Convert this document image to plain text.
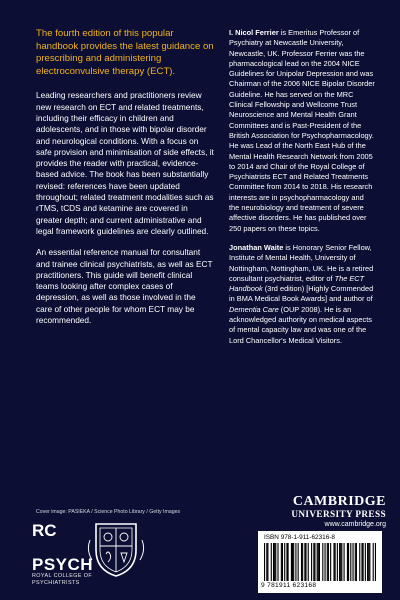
The fourth edition of this popular handbook provides the latest guidance on prescribing and administering electroconvulsive therapy (ECT).

Leading researchers and practitioners review new research on ECT and related treatments, including their efficacy in children and adolescents, and in those with bipolar disorder and neurological conditions. With a focus on safe provision and minimisation of side effects, it provides the reader with practical, evidence-based advice. The book has been substantially revised: references have been updated throughout; related treatment modalities such as rTMS, tCDS and ketamine are covered in greater depth; and current administrative and legal framework guidelines are clearly outlined.

An essential reference manual for consultant and trainee clinical psychiatrists, as well as ECT practitioners. This guide will benefit clinical teams looking after complex cases of depression, as well as those involved in the care of other people for whom ECT may be recommended.

I. Nicol Ferrier is Emeritus Professor of Psychiatry at Newcastle University, Newcastle, UK. Professor Ferrier was the pharmacological lead on the 2004 NICE Guidelines for Unipolar Depression and was Chairman of the 2006 NICE Bipolar Disorder Guideline. He has served on the MRC Clinical Fellowship and Wellcome Trust Neuroscience and Mental Health Grant Committees and is Past-President of the British Association for Psychopharmacology. He was Lead of the North East Hub of the Mental Health Research Network from 2005 to 2014 and Chair of the Royal College of Psychiatrists ECT and Related Treatments Committee from 2014 to 2018. His research interests are in psychopharmacology and the neurobiology and treatment of severe affective disorders. He has published over 250 papers on these topics.

Jonathan Waite is Honorary Senior Fellow, Institute of Mental Health, University of Nottingham, Nottingham, UK. He is a retired consultant psychiatrist, editor of The ECT Handbook (3rd edition) [Highly Commended in BMA Medical Book Awards] and author of Dementia Care (OUP 2008). He is an acknowledged authority on medical aspects of mental capacity law and was one of the Lord Chancellor's Medical Visitors.

Cover image: PASIEKA / Science Photo Library / Getty Images
RC
PSYCH
ROYAL COLLEGE OF
PSYCHIATRISTS
CAMBRIDGE
UNIVERSITY PRESS
www.cambridge.org
ISBN 978-1-911-62316-8
9 781911 623168
